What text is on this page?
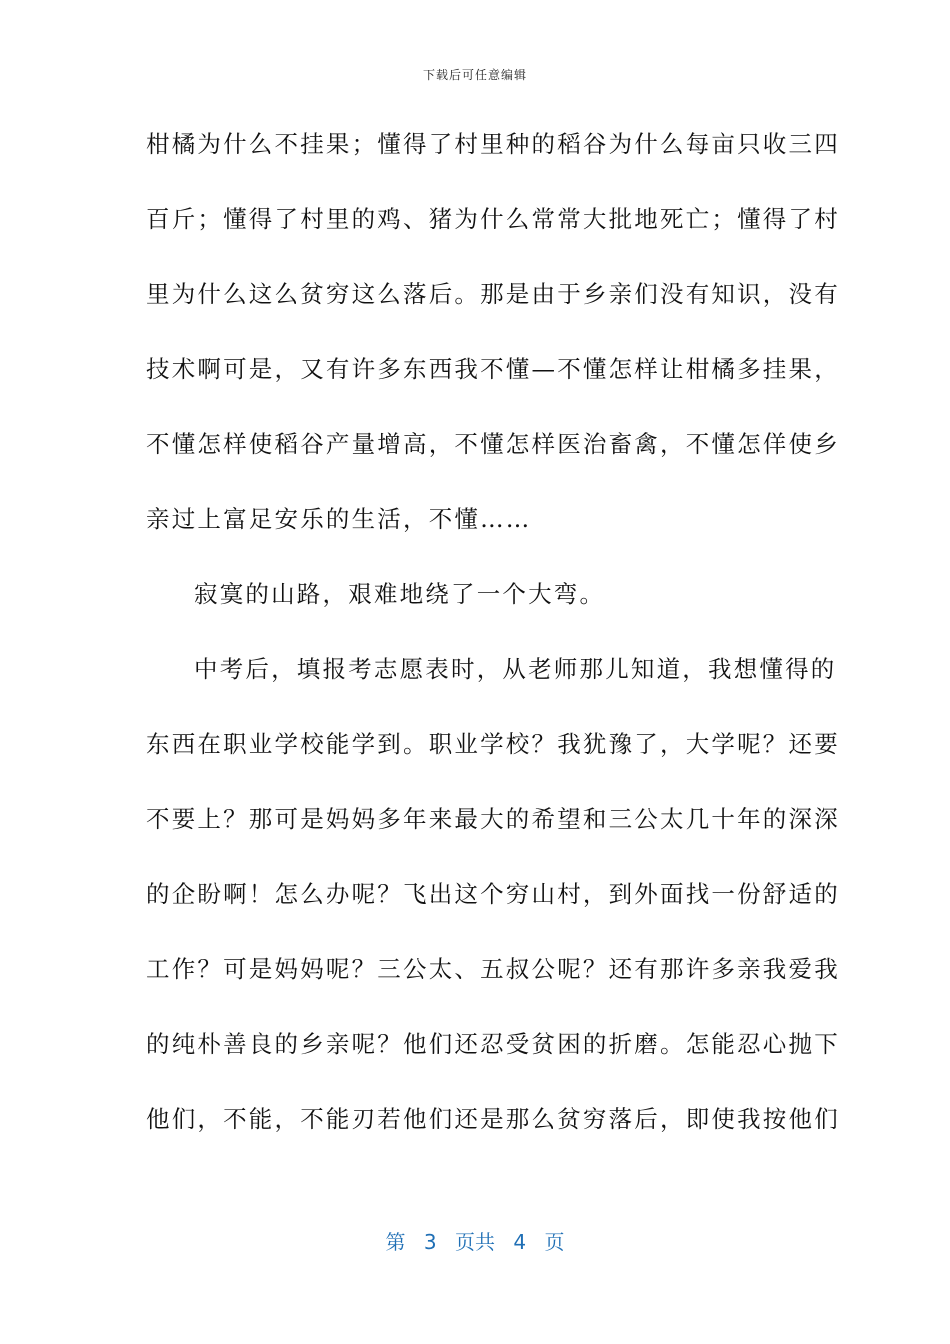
下载后可任意编辑
柑橘为什么不挂果；懂得了村里种的稻谷为什么每亩只收三四
百斤；懂得了村里的鸡、猪为什么常常大批地死亡；懂得了村
里为什么这么贫穷这么落后。那是由于乡亲们没有知识，没有
技术啊可是，又有许多东西我不懂—不懂怎样让柑橘多挂果，
不懂怎样使稻谷产量增高，不懂怎样医治畜禽，不懂怎佯使乡
亲过上富足安乐的生活，不懂……
寂寞的山路，艰难地绕了一个大弯。
中考后，填报考志愿表时，从老师那儿知道，我想懂得的
东西在职业学校能学到。职业学校？我犹豫了，大学呢？还要
不要上？那可是妈妈多年来最大的希望和三公太几十年的深深
的企盼啊！怎么办呢？飞出这个穷山村，到外面找一份舒适的
工作？可是妈妈呢？三公太、五叔公呢？还有那许多亲我爱我
的纯朴善良的乡亲呢？他们还忍受贫困的折磨。怎能忍心抛下
他们，不能，不能刃若他们还是那么贫穷落后，即使我按他们
第 3 页共 4 页
